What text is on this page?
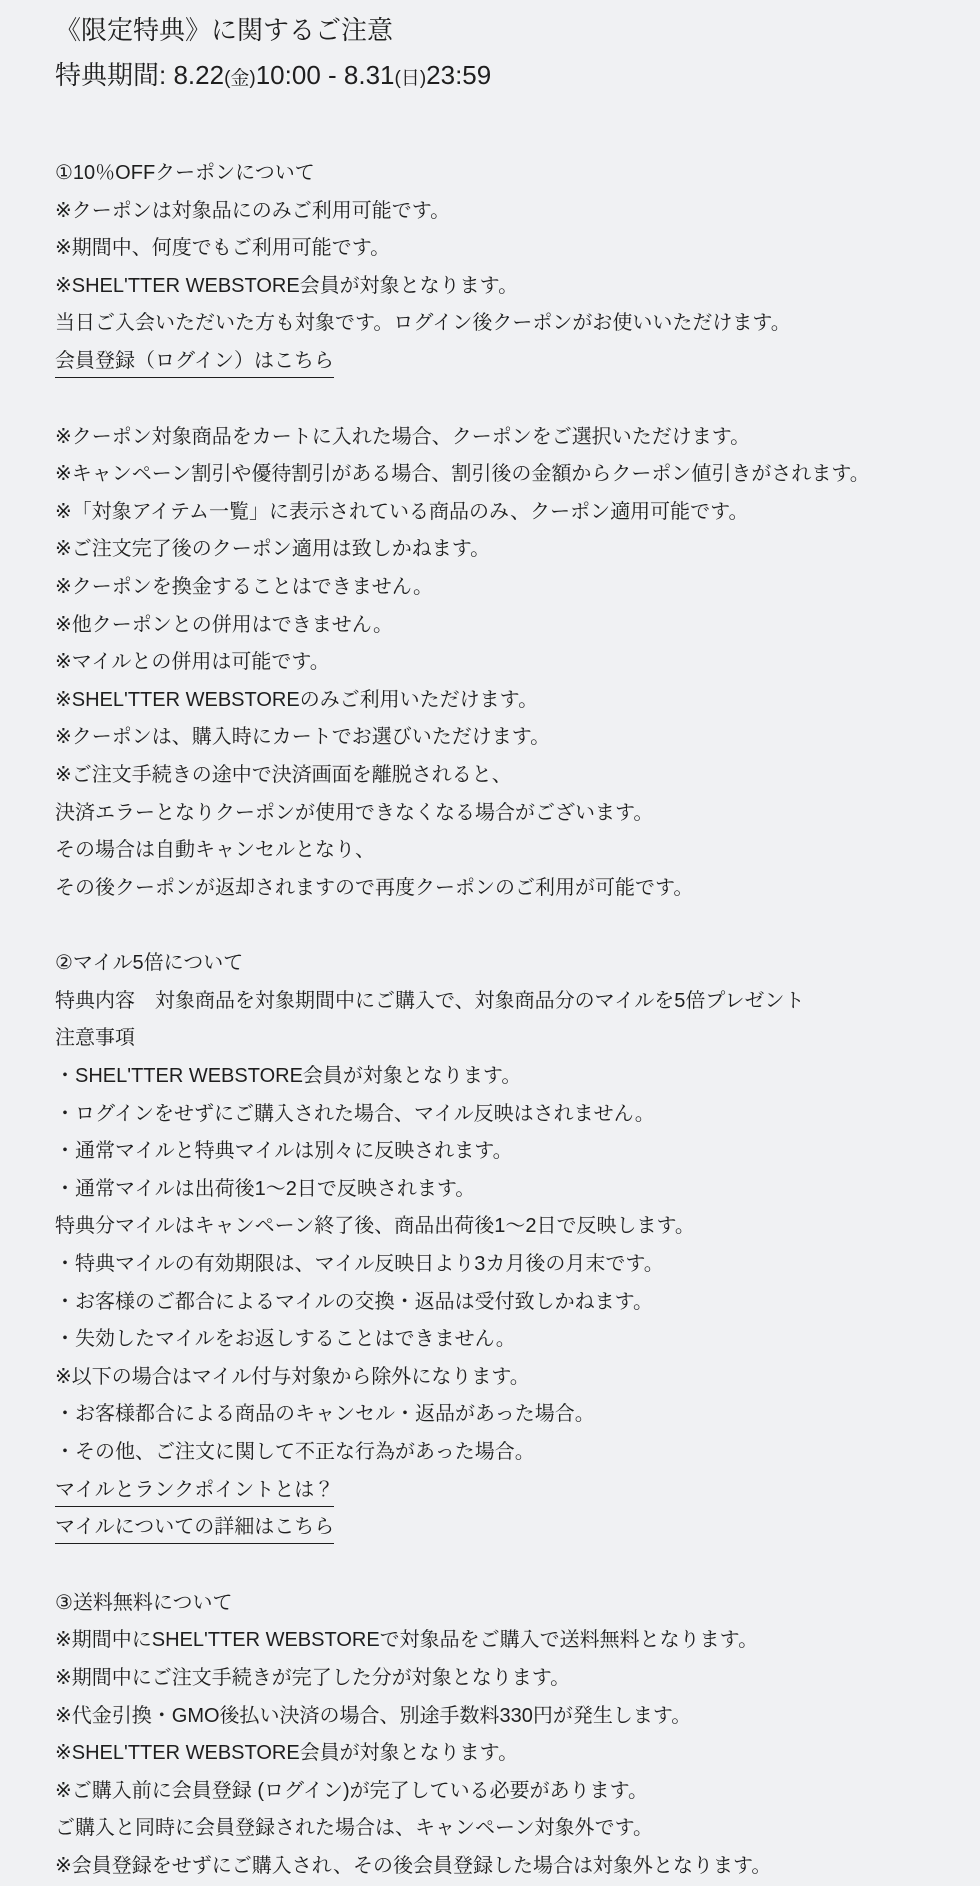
《限定特典》に関するご注意

特典期間: 8.22(金)10:00 - 8.31(日)23:59

①10％OFFクーポンについて

※クーポンは対象品にのみご利用可能です。

※期間中、何度でもご利用可能です。

※SHEL'TTER WEBSTORE会員が対象となります。

当日ご入会いただいた方も対象です。ログイン後クーポンがお使いいただけます。

会員登録（ログイン）はこちら

※クーポン対象商品をカートに入れた場合、クーポンをご選択いただけます。

※キャンペーン割引や優待割引がある場合、割引後の金額からクーポン値引きがされます。

※「対象アイテム一覧」に表示されている商品のみ、クーポン適用可能です。

※ご注文完了後のクーポン適用は致しかねます。

※クーポンを換金することはできません。

※他クーポンとの併用はできません。

※マイルとの併用は可能です。

※SHEL'TTER WEBSTOREのみご利用いただけます。

※クーポンは、購入時にカートでお選びいただけます。

※ご注文手続きの途中で決済画面を離脱されると、

決済エラーとなりクーポンが使用できなくなる場合がございます。

その場合は自動キャンセルとなり、

その後クーポンが返却されますので再度クーポンのご利用が可能です。

②マイル5倍について

特典内容　対象商品を対象期間中にご購入で、対象商品分のマイルを5倍プレゼント

注意事項

・SHEL'TTER WEBSTORE会員が対象となります。

・ログインをせずにご購入された場合、マイル反映はされません。

・通常マイルと特典マイルは別々に反映されます。

・通常マイルは出荷後1～2日で反映されます。

特典分マイルはキャンペーン終了後、商品出荷後1～2日で反映します。

・特典マイルの有効期限は、マイル反映日より3カ月後の月末です。

・お客様のご都合によるマイルの交換・返品は受付致しかねます。

・失効したマイルをお返しすることはできません。

※以下の場合はマイル付与対象から除外になります。

・お客様都合による商品のキャンセル・返品があった場合。

・その他、ご注文に関して不正な行為があった場合。

マイルとランクポイントとは？

マイルについての詳細はこちら

③送料無料について

※期間中にSHEL'TTER WEBSTOREで対象品をご購入で送料無料となります。

※期間中にご注文手続きが完了した分が対象となります。

※代金引換・GMO後払い決済の場合、別途手数料330円が発生します。

※SHEL'TTER WEBSTORE会員が対象となります。

※ご購入前に会員登録 (ログイン)が完了している必要があります。

ご購入と同時に会員登録された場合は、キャンペーン対象外です。

※会員登録をせずにご購入され、その後会員登録した場合は対象外となります。
